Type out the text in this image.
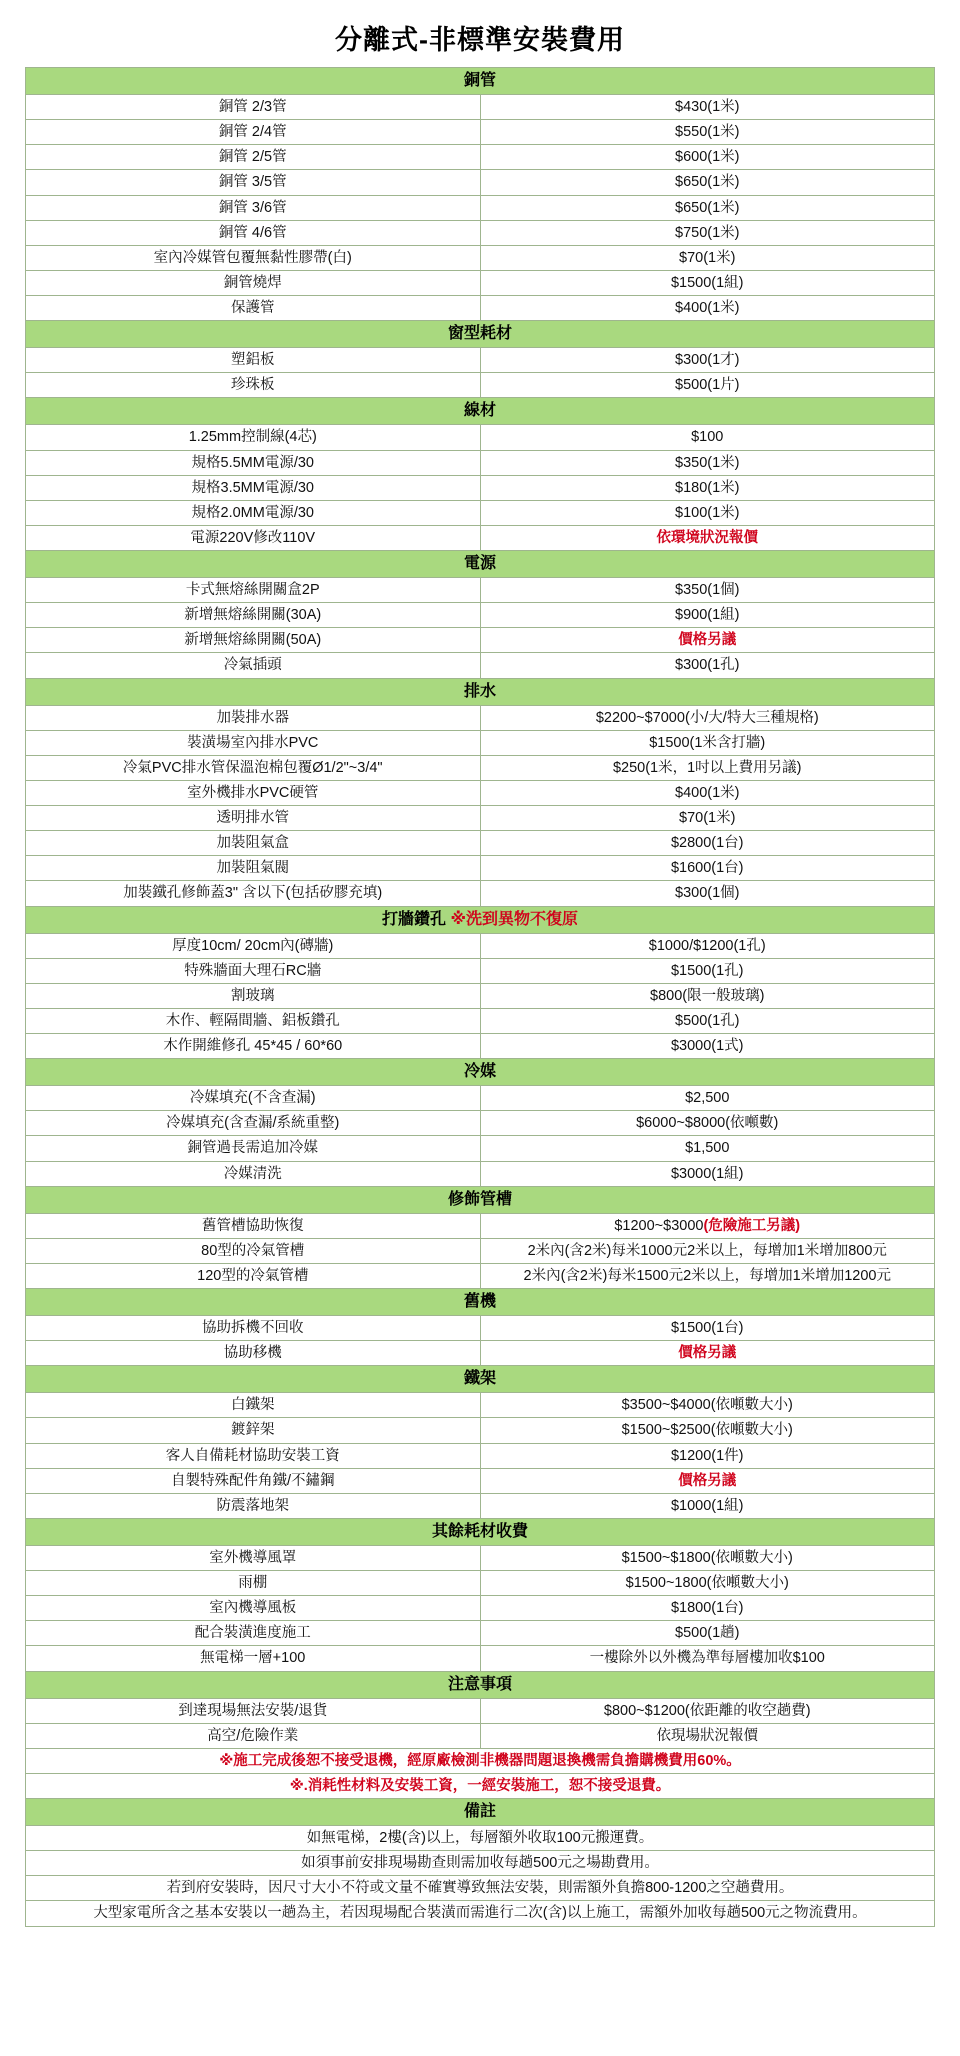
分離式-非標準安裝費用
銅管	
銅管 2/3管	$430(1米)
銅管 2/4管	$550(1米)
銅管 2/5管	$600(1米)
銅管 3/5管	$650(1米)
銅管 3/6管	$650(1米)
銅管 4/6管	$750(1米)
室內冷媒管包覆無黏性膠帶(白)	$70(1米)
銅管燒焊	$1500(1組)
保護管	$400(1米)
窗型耗材	
塑鋁板	$300(1才)
珍珠板	$500(1片)
線材	
1.25mm控制線(4芯)	$100
規格5.5MM電源/30	$350(1米)
規格3.5MM電源/30	$180(1米)
規格2.0MM電源/30	$100(1米)
電源220V修改110V	依環境狀況報價
電源	
卡式無熔絲開關盒2P	$350(1個)
新增無熔絲開關(30A)	$900(1組)
新增無熔絲開關(50A)	價格另議
冷氣插頭	$300(1孔)
排水	
加裝排水器	$2200~$7000(小/大/特大三種規格)
裝潢場室內排水PVC	$1500(1米含打牆)
冷氣PVC排水管保溫泡棉包覆Ø1/2"~3/4"	$250(1米，1吋以上費用另議)
室外機排水PVC硬管	$400(1米)
透明排水管	$70(1米)
加裝阻氣盒	$2800(1台)
加裝阻氣閥	$1600(1台)
加裝鐵孔修飾蓋3" 含以下(包括矽膠充填)	$300(1個)
打牆鑽孔 ※洗到異物不復原	
厚度10cm/ 20cm內(磚牆)	$1000/$1200(1孔)
特殊牆面大理石RC牆	$1500(1孔)
割玻璃	$800(限一般玻璃)
木作、輕隔間牆、鋁板鑽孔	$500(1孔)
木作開維修孔 45*45 / 60*60	$3000(1式)
冷媒	
冷媒填充(不含查漏)	$2,500
冷媒填充(含查漏/系統重整)	$6000~$8000(依噸數)
銅管過長需追加冷媒	$1,500
冷媒清洗	$3000(1組)
修飾管槽	
舊管槽協助恢復	$1200~$3000(危險施工另議)
80型的冷氣管槽	2米內(含2米)每米1000元2米以上，每增加1米增加800元
120型的冷氣管槽	2米內(含2米)每米1500元2米以上，每增加1米增加1200元
舊機	
協助拆機不回收	$1500(1台)
協助移機	價格另議
鐵架	
白鐵架	$3500~$4000(依噸數大小)
鍍鋅架	$1500~$2500(依噸數大小)
客人自備耗材協助安裝工資	$1200(1件)
自製特殊配件角鐵/不鏽鋼	價格另議
防震落地架	$1000(1組)
其餘耗材收費	
室外機導風罩	$1500~$1800(依噸數大小)
雨棚	$1500~1800(依噸數大小)
室內機導風板	$1800(1台)
配合裝潢進度施工	$500(1趟)
無電梯一層+100	一樓除外以外機為準每層樓加收$100
注意事項	
到達現場無法安裝/退貨	$800~$1200(依距離的收空趟費)
高空/危險作業	依現場狀況報價
※施工完成後恕不接受退機，經原廠檢測非機器問題退換機需負擔購機費用60%。	
※.消耗性材料及安裝工資，一經安裝施工，恕不接受退費。	
備註	
如無電梯，2樓(含)以上，每層額外收取100元搬運費。	
如須事前安排現場勘查則需加收每趟500元之場勘費用。	
若到府安裝時，因尺寸大小不符或文量不確實導致無法安裝，則需額外負擔800-1200之空趟費用。	
大型家電所含之基本安裝以一趟為主，若因現場配合裝潢而需進行二次(含)以上施工，需額外加收每趟500元之物流費用。	
